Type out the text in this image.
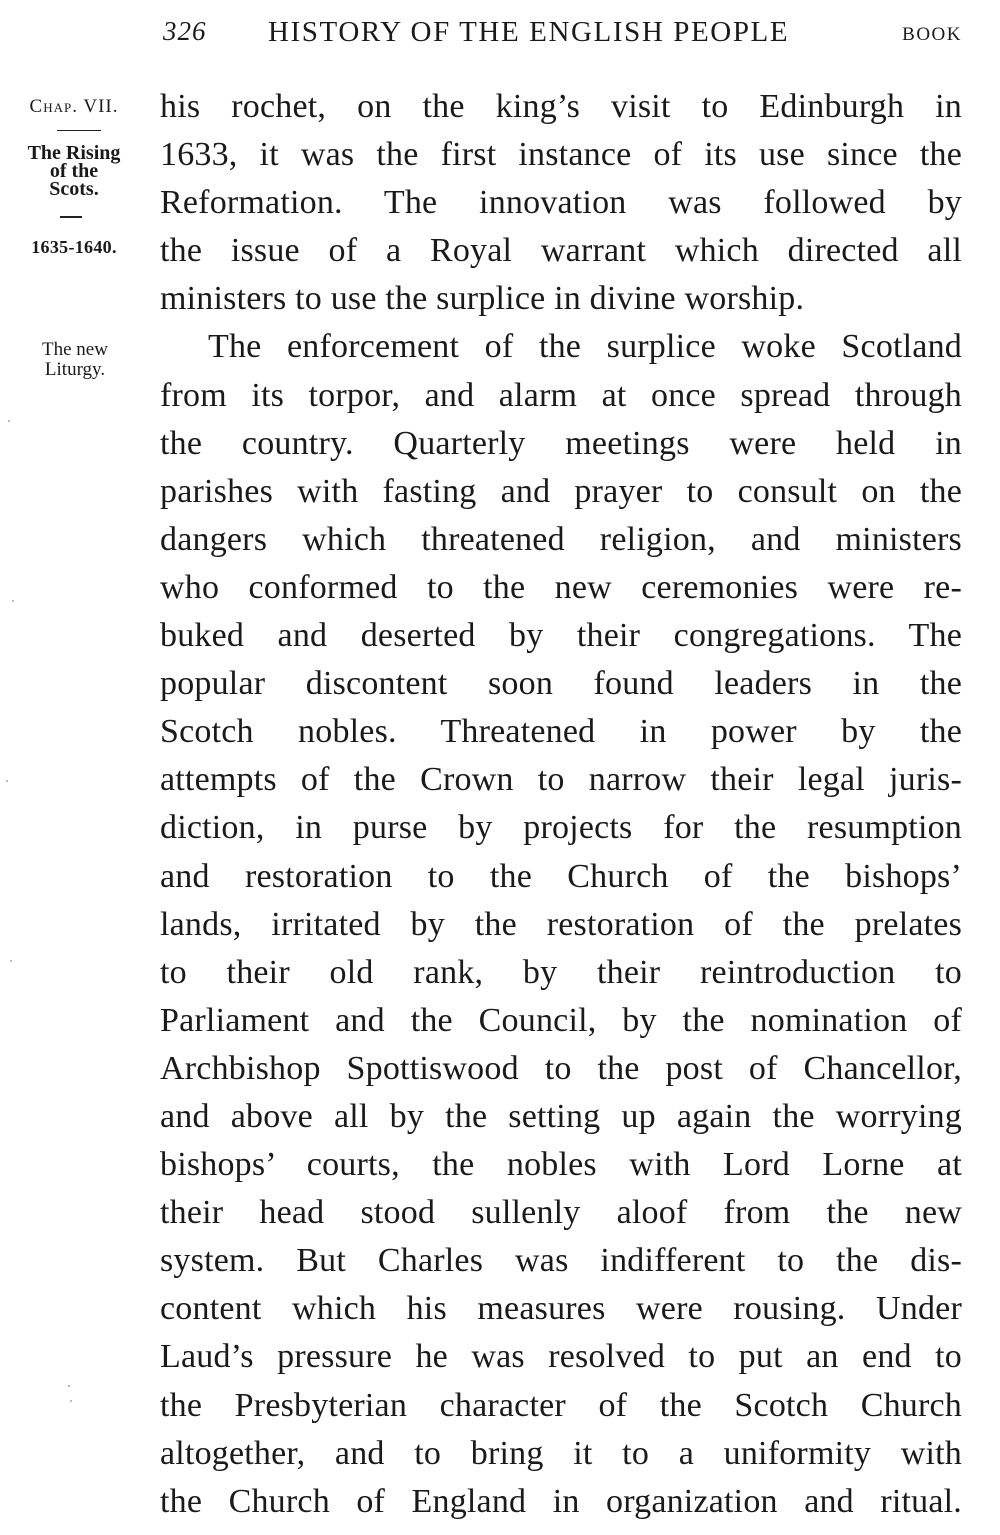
326 HISTORY OF THE ENGLISH PEOPLE	BOOK
Chap. VII.
The Rising
of the
Scots.
1635-1640.
The new
Liturgy.
his rochet, on the king’s visit to Edinburgh in
1633, it was the first instance of its use since the
Reformation. The innovation was followed by
the issue of a Royal warrant which directed all
ministers to use the surplice in divine worship.
The enforcement of the surplice woke Scotland
from its torpor, and alarm at once spread through
the country. Quarterly meetings were held in
parishes with fasting and prayer to consult on the
dangers which threatened religion, and ministers
who conformed to the new ceremonies were re-
buked and deserted by their congregations. The
popular discontent soon found leaders in the
Scotch nobles. Threatened in power by the
attempts of the Crown to narrow their legal juris-
diction, in purse by projects for the resumption
and restoration to the Church of the bishops’
lands, irritated by the restoration of the prelates
to their old rank, by their reintroduction to
Parliament and the Council, by the nomination of
Archbishop Spottiswood to the post of Chancellor,
and above all by the setting up again the worrying
bishops’ courts, the nobles with Lord Lorne at
their head stood sullenly aloof from the new
system. But Charles was indifferent to the dis-
content which his measures were rousing. Under
Laud’s pressure he was resolved to put an end to
the Presbyterian character of the Scotch Church
altogether, and to bring it to a uniformity with
the Church of England in organization and ritual.
